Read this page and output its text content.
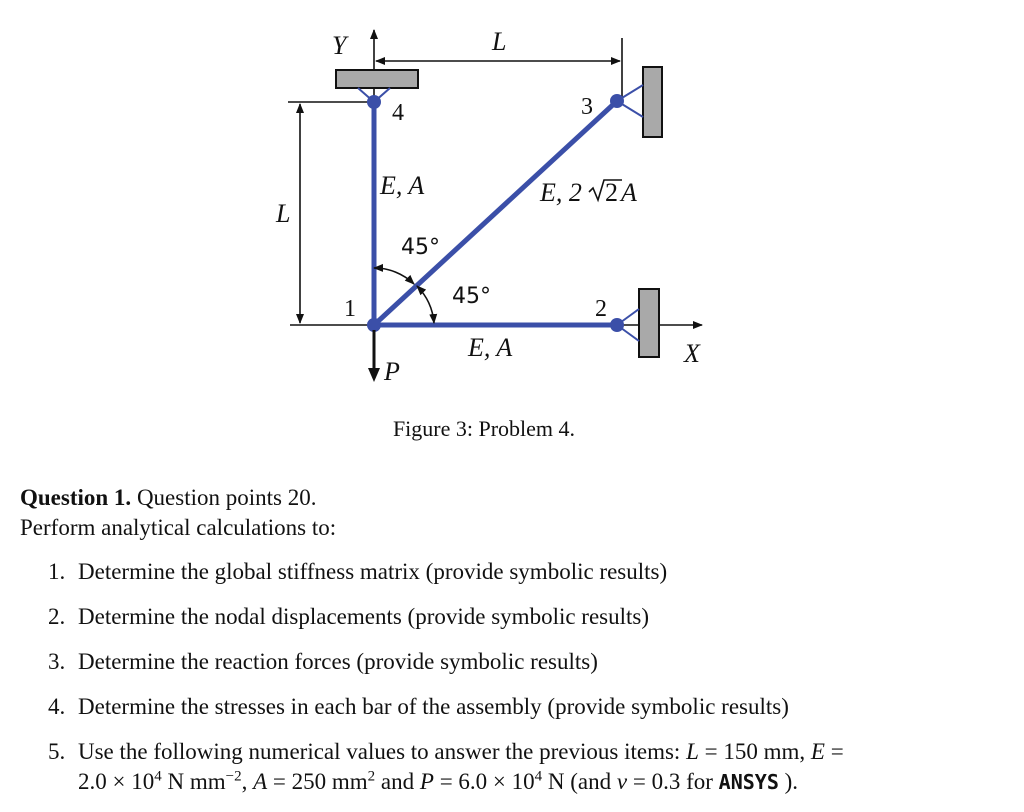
Y
X
L
L
1	2
3
4
E, A	E, 2 2 A
E, A
45°
45°
P
Figure 3: Problem 4.
Question 1. Question points 20.
Perform analytical calculations to:
1. Determine the global stiffness matrix (provide symbolic results)
2. Determine the nodal displacements (provide symbolic results)
3. Determine the reaction forces (provide symbolic results)
4. Determine the stresses in each bar of the assembly (provide symbolic results)
5. Use the following numerical values to answer the previous items: L = 150 mm, E =
$2.0 \times 10^4$ N $mm^{-2}$, A = 250 $mm^2$ and $P = 6.0 \times 10^4$ N (and ν = 0.3 for ANSYS ).
